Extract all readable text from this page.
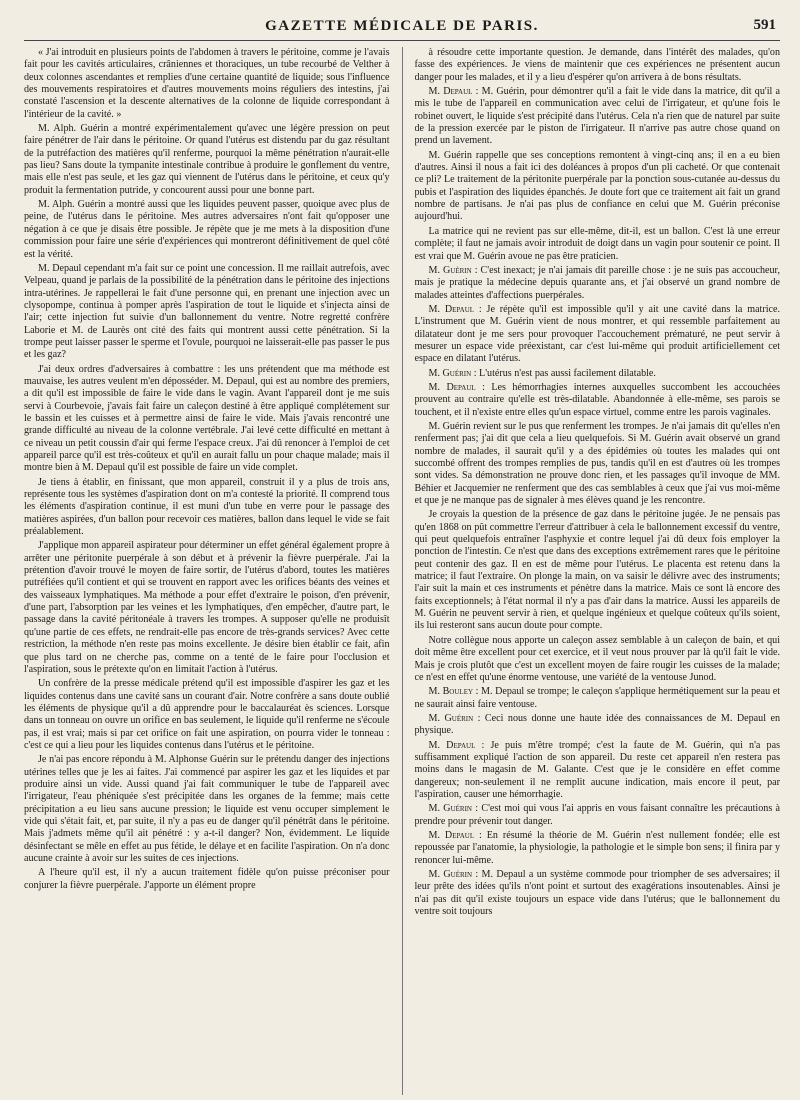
GAZETTE MÉDICALE DE PARIS.	591

« J'ai introduit en plusieurs points de l'abdomen à travers le péritoine, comme je l'avais fait pour les cavités articulaires, crâniennes et thoraciques, un tube recourbé de Velther à deux colonnes ascendantes et remplies d'une certaine quantité de liquide; sous l'influence des mouvements respiratoires et d'autres mouvements moins réguliers des intestins, j'ai constaté l'ascension et la descente alternatives de la colonne de liquide correspondant à l'intérieur de la cavité. »

M. Alph. Guérin a montré expérimentalement qu'avec une légère pression on peut faire pénétrer de l'air dans le péritoine. Or quand l'utérus est distendu par du gaz résultant de la putréfaction des matières qu'il renferme, pourquoi la même pénétration n'aurait-elle pas lieu? Sans doute la tympanite intestinale contribue à produire le gonflement du ventre, mais elle n'est pas seule, et les gaz qui viennent de l'utérus dans le péritoine, et ceux qu'y produit la fermentation putride, y concourent aussi pour une bonne part.

M. Alph. Guérin a montré aussi que les liquides peuvent passer, quoique avec plus de peine, de l'utérus dans le péritoine. Mes autres adversaires n'ont fait qu'opposer une négation à ce que je disais être possible. Je répète que je me mets à la disposition d'une commission pour faire une série d'expériences qui montreront définitivement de quel côté est la vérité.

M. Depaul cependant m'a fait sur ce point une concession. Il me raillait autrefois, avec Velpeau, quand je parlais de la possibilité de la pénétration dans le péritoine des injections intra-utérines. Je rappellerai le fait d'une personne qui, en prenant une injection avec un clysopompe, continua à pomper après l'aspiration de tout le liquide et s'injecta ainsi de l'air; cette injection fut suivie d'un ballonnement du ventre. Notre regretté confrère Laborie et M. de Laurès ont cité des faits qui montrent aussi cette pénétration. Si la trompe peut laisser passer le sperme et l'ovule, pourquoi ne laisserait-elle pas passer le pus et les gaz?

J'ai deux ordres d'adversaires à combattre : les uns prétendent que ma méthode est mauvaise, les autres veulent m'en déposséder. M. Depaul, qui est au nombre des premiers, a dit qu'il est impossible de faire le vide dans le vagin. Avant l'appareil dont je me suis servi à Courbevoie, j'avais fait faire un caleçon destiné à être appliqué complétement sur le bassin et les cuisses et à permettre ainsi de faire le vide. Mais j'avais rencontré une grande difficulté au niveau de la colonne vertébrale. J'ai levé cette difficulté en mettant à ce niveau un petit coussin d'air qui ferme l'espace creux. J'ai dû renoncer à l'emploi de cet appareil parce qu'il est très-coûteux et qu'il en aurait fallu un pour chaque malade; mais il montre bien à M. Depaul qu'il est possible de faire un vide complet.

Je tiens à établir, en finissant, que mon appareil, construit il y a plus de trois ans, représente tous les systèmes d'aspiration dont on m'a contesté la priorité. Il comprend tous les éléments d'aspiration continue, il est muni d'un tube en verre pour le passage des matières aspirées, d'un ballon pour recevoir ces matières, ballon dans lequel le vide se fait préalablement.

J'applique mon appareil aspirateur pour déterminer un effet général également propre à arrêter une péritonite puerpérale à son début et à prévenir la fièvre puerpérale. J'ai la prétention d'avoir trouvé le moyen de faire sortir, de l'utérus d'abord, toutes les matières putréfiées qu'il contient et qui se trouvent en rapport avec les orifices béants des veines et des vaisseaux lymphatiques. Ma méthode a pour effet d'extraire le poison, d'en prévenir, d'une part, l'absorption par les veines et les lymphatiques, d'en empêcher, d'autre part, le passage dans la cavité péritonéale à travers les trompes. A supposer qu'elle ne produisît qu'une partie de ces effets, ne rendrait-elle pas encore de très-grands services? Avec cette restriction, la méthode n'en reste pas moins excellente. Je désire bien établir ce fait, afin que plus tard on ne cherche pas, comme on a tenté de le faire pour l'occlusion et l'aspiration, sous le prétexte qu'on en limitait l'action à l'utérus.

Un confrère de la presse médicale prétend qu'il est impossible d'aspirer les gaz et les liquides contenus dans une cavité sans un courant d'air. Notre confrère a sans doute oublié les éléments de physique qu'il a dû apprendre pour le baccalauréat ès sciences. Lorsque dans un tonneau on ouvre un orifice en bas seulement, le liquide qu'il renferme ne s'écoule pas, il est vrai; mais si par cet orifice on fait une aspiration, on pourra vider le tonneau : c'est ce qui a lieu pour les liquides contenus dans l'utérus et le péritoine.

Je n'ai pas encore répondu à M. Alphonse Guérin sur le prétendu danger des injections utérines telles que je les ai faites. J'ai commencé par aspirer les gaz et les liquides et par produire ainsi un vide. Aussi quand j'ai fait communiquer le tube de l'appareil avec l'irrigateur, l'eau phéniquée s'est précipitée dans les organes de la femme; mais cette précipitation a eu lieu sans aucune pression; le liquide est venu occuper simplement le vide qui s'était fait, et, par suite, il n'y a pas eu de danger qu'il pénétrât dans le péritoine. Mais j'admets même qu'il ait pénétré : y a-t-il danger? Non, évidemment. Le liquide désinfectant se mêle en effet au pus fétide, le délaye et en facilite l'aspiration. On n'a donc aucune crainte à avoir sur les suites de ces injections.

A l'heure qu'il est, il n'y a aucun traitement fidèle qu'on puisse préconiser pour conjurer la fièvre puerpérale. J'apporte un élément propre

à résoudre cette importante question. Je demande, dans l'intérêt des malades, qu'on fasse des expériences. Je viens de maintenir que ces expériences ne présentent aucun danger pour les malades, et il y a lieu d'espérer qu'on arrivera à de bons résultats.

M. Depaul : M. Guérin, pour démontrer qu'il a fait le vide dans la matrice, dit qu'il a mis le tube de l'appareil en communication avec celui de l'irrigateur, et qu'une fois le robinet ouvert, le liquide s'est précipité dans l'utérus. Cela n'a rien que de naturel par suite de la pression exercée par le piston de l'irrigateur. Il n'arrive pas autre chose quand on prend un lavement.

M. Guérin rappelle que ses conceptions remontent à vingt-cinq ans; il en a eu bien d'autres. Ainsi il nous a fait ici des doléances à propos d'un pli cacheté. Or que contenait ce pli? Le traitement de la péritonite puerpérale par la ponction sous-cutanée au-dessus du pubis et l'aspiration des liquides épanchés. Je doute fort que ce traitement ait fait un grand nombre de partisans. Je n'ai pas plus de confiance en celui que M. Guérin préconise aujourd'hui.

La matrice qui ne revient pas sur elle-même, dit-il, est un ballon. C'est là une erreur complète; il faut ne jamais avoir introduit de doigt dans un vagin pour soutenir ce point. Il est vrai que M. Guérin avoue ne pas être praticien.

M. Guérin : C'est inexact; je n'ai jamais dit pareille chose : je ne suis pas accoucheur, mais je pratique la médecine depuis quarante ans, et j'ai observé un grand nombre de malades atteintes d'affections puerpérales.

M. Depaul : Je répète qu'il est impossible qu'il y ait une cavité dans la matrice. L'instrument que M. Guérin vient de nous montrer, et qui ressemble parfaitement au dilatateur dont je me sers pour provoquer l'accouchement prématuré, ne peut servir à mesurer un espace vide préexistant, car c'est lui-même qui produit artificiellement cet espace en dilatant l'utérus.

M. Guérin : L'utérus n'est pas aussi facilement dilatable.

M. Depaul : Les hémorrhagies internes auxquelles succombent les accouchées prouvent au contraire qu'elle est très-dilatable. Abandonnée à elle-même, ses parois se touchent, et il n'existe entre elles qu'un espace virtuel, comme entre les parois vaginales.

M. Guérin revient sur le pus que renferment les trompes. Je n'ai jamais dit qu'elles n'en renferment pas; j'ai dit que cela a lieu quelquefois. Si M. Guérin avait observé un grand nombre de malades, il saurait qu'il y a des épidémies où toutes les malades qui ont succombé offrent des trompes remplies de pus, tandis qu'il en est d'autres où les trompes sont vides. Sa démonstration ne prouve donc rien, et les passages qu'il invoque de MM. Béhier et Jacquemier ne renferment que des cas semblables à ceux que j'ai vus moi-même et que je ne manque pas de signaler à mes élèves quand je les rencontre.

Je croyais la question de la présence de gaz dans le péritoine jugée. Je ne pensais pas qu'en 1868 on pût commettre l'erreur d'attribuer à cela le ballonnement excessif du ventre, qui peut quelquefois entraîner l'asphyxie et contre lequel j'ai dû deux fois employer la ponction de l'intestin. Ce n'est que dans des exceptions extrêmement rares que le péritoine peut contenir des gaz. Il en est de même pour l'utérus. Le placenta est retenu dans la matrice; il faut l'extraire. On plonge la main, on va saisir le délivre avec des instruments; l'air suit la main et ces instruments et pénètre dans la matrice. Mais ce sont là encore des faits exceptionnels; à l'état normal il n'y a pas d'air dans la matrice. Aussi les appareils de M. Guérin ne peuvent servir à rien, et quelque ingénieux et quelque coûteux qu'ils soient, ils lui resteront sans aucun doute pour compte.

Notre collègue nous apporte un caleçon assez semblable à un caleçon de bain, et qui doit même être excellent pour cet exercice, et il veut nous prouver par là qu'il fait le vide. Mais je crois plutôt que c'est un excellent moyen de faire rougir les cuisses de la malade; ce n'est en effet qu'une énorme ventouse, une variété de la ventouse Junod.

M. Bouley : M. Depaul se trompe; le caleçon s'applique hermétiquement sur la peau et ne saurait ainsi faire ventouse.

M. Guérin : Ceci nous donne une haute idée des connaissances de M. Depaul en physique.

M. Depaul : Je puis m'être trompé; c'est la faute de M. Guérin, qui n'a pas suffisamment expliqué l'action de son appareil. Du reste cet appareil n'en restera pas moins dans le magasin de M. Galante. C'est que je le considère en effet comme dangereux; non-seulement il ne remplit aucune indication, mais encore il peut, par l'aspiration, causer une hémorrhagie.

M. Guérin : C'est moi qui vous l'ai appris en vous faisant connaître les précautions à prendre pour prévenir tout danger.

M. Depaul : En résumé la théorie de M. Guérin n'est nullement fondée; elle est repoussée par l'anatomie, la physiologie, la pathologie et le simple bon sens; il finira par y renoncer lui-même.

M. Guérin : M. Depaul a un système commode pour triompher de ses adversaires; il leur prête des idées qu'ils n'ont point et surtout des exagérations insoutenables. Ainsi je n'ai pas dit qu'il existe toujours un espace vide dans l'utérus; que le ballonnement du ventre soit toujours
